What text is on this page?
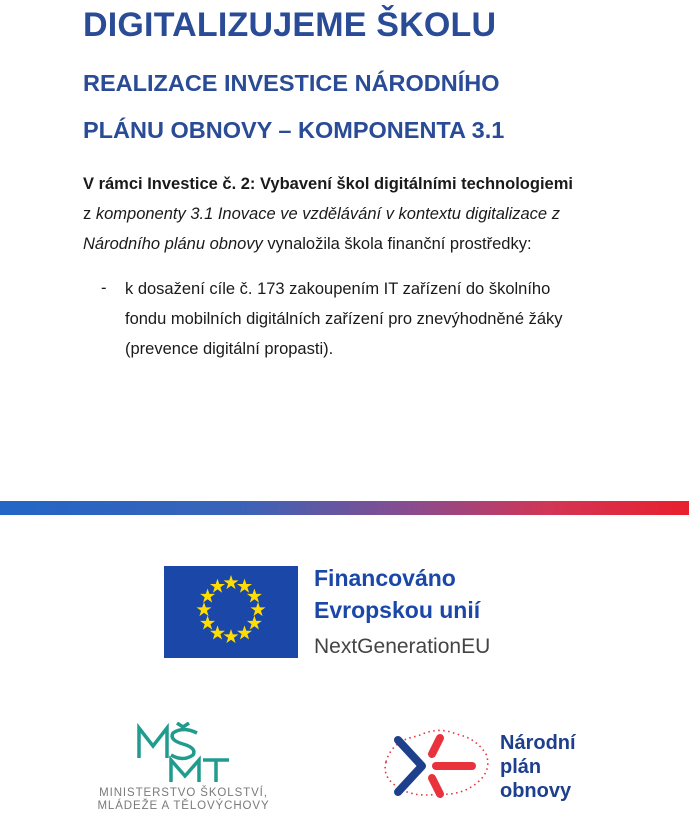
DIGITALIZUJEME ŠKOLU
REALIZACE INVESTICE NÁRODNÍHO
PLÁNU OBNOVY – KOMPONENTA 3.1
V rámci Investice č. 2: Vybavení škol digitálními technologiemi
z komponenty 3.1 Inovace ve vzdělávání v kontextu digitalizace z
Národního plánu obnovy vynaložila škola finanční prostředky:
- k dosažení cíle č. 173 zakoupením IT zařízení do školního
fondu mobilních digitálních zařízení pro znevýhodněné žáky
(prevence digitální propasti).
Financováno
Evropskou unií
NextGenerationEU
MINISTERSTVO ŠKOLSTVÍ,
MLÁDEŽE A TĚLOVÝCHOVY
Národní
plán
obnovy
